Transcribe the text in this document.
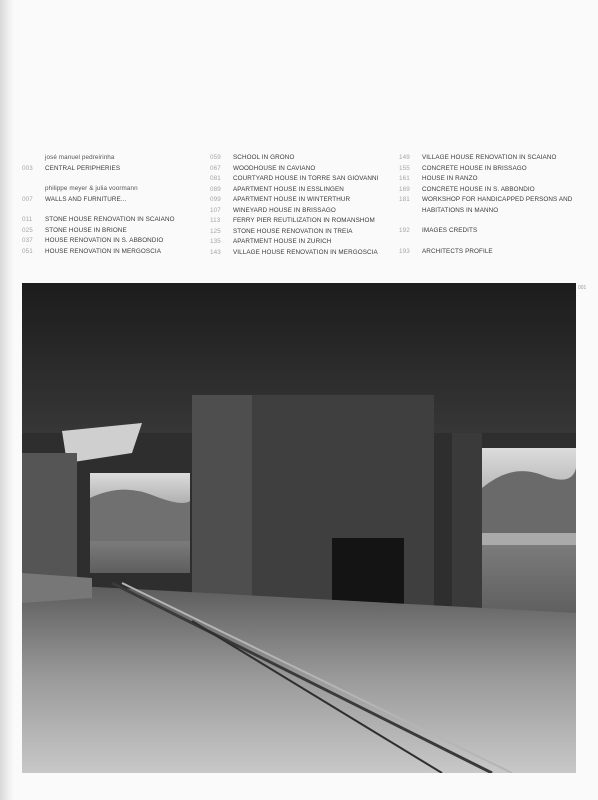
josé manuel pedreirinha
003	CENTRAL PERIPHERIES
philippe meyer & julia voormann
007	WALLS AND FURNITURE...
011	STONE HOUSE RENOVATION IN SCAIANO
025	STONE HOUSE IN BRIONE
037	HOUSE RENOVATION IN S. ABBONDIO
051	HOUSE RENOVATION IN MERGOSCIA
059	SCHOOL IN GRONO
067	WOODHOUSE IN CAVIANO
081	COURTYARD HOUSE IN TORRE SAN GIOVANNI
089	APARTMENT HOUSE IN ESSLINGEN
099	APARTMENT HOUSE IN WINTERTHUR
107	WINEYARD HOUSE IN BRISSAGO
113	FERRY PIER REUTILIZATION IN ROMANSHOM
125	STONE HOUSE RENOVATION IN TREIA
135	APARTMENT HOUSE IN ZURICH
143	VILLAGE HOUSE RENOVATION IN MERGOSCIA
149	VILLAGE HOUSE RENOVATION IN SCAIANO
155	CONCRETE HOUSE IN BRISSAGO
161	HOUSE IN RANZO
169	CONCRETE HOUSE IN S. ABBONDIO
181	WORKSHOP FOR HANDICAPPED PERSONS AND
HABITATIONS IN MANNO
192	IMAGES CREDITS
193	ARCHITECTS PROFILE
001
